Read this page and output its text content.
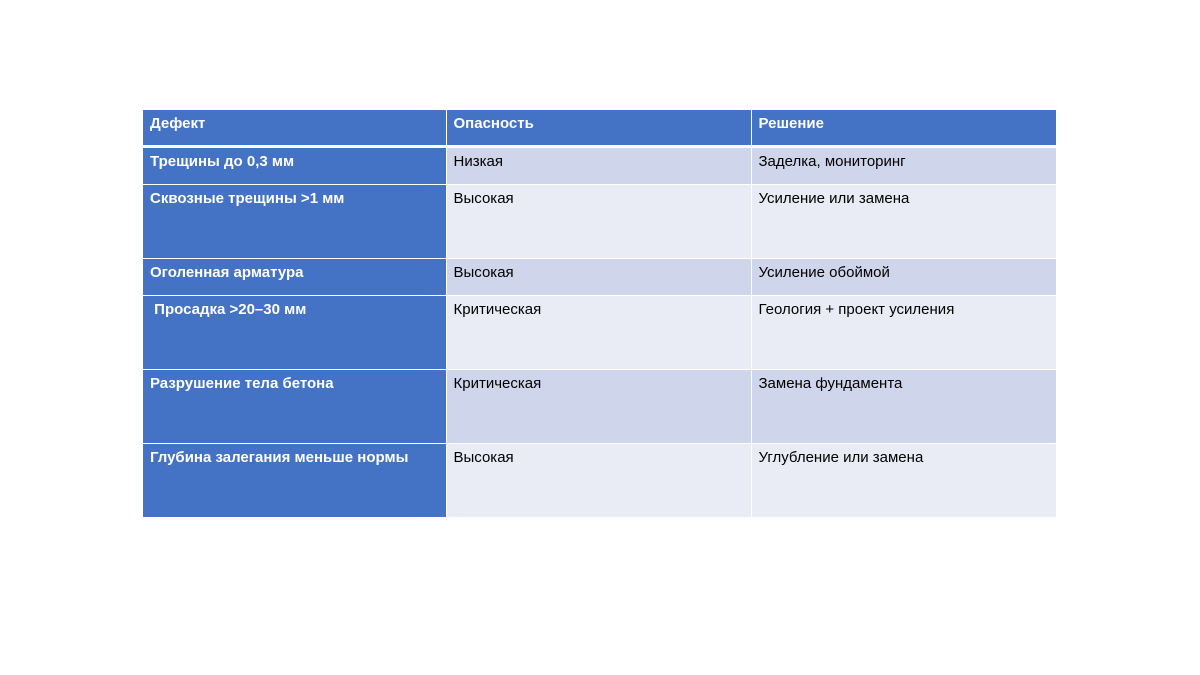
Дефект	Опасность	Решение
Трещины до 0,3 мм	Низкая	Заделка, мониторинг
Сквозные трещины >1 мм	Высокая	Усиление или замена
Оголенная арматура	Высокая	Усиление обоймой
Просадка >20–30 мм	Критическая	Геология + проект усиления
Разрушение тела бетона	Критическая	Замена фундамента
Глубина залегания меньше нормы	Высокая	Углубление или замена
